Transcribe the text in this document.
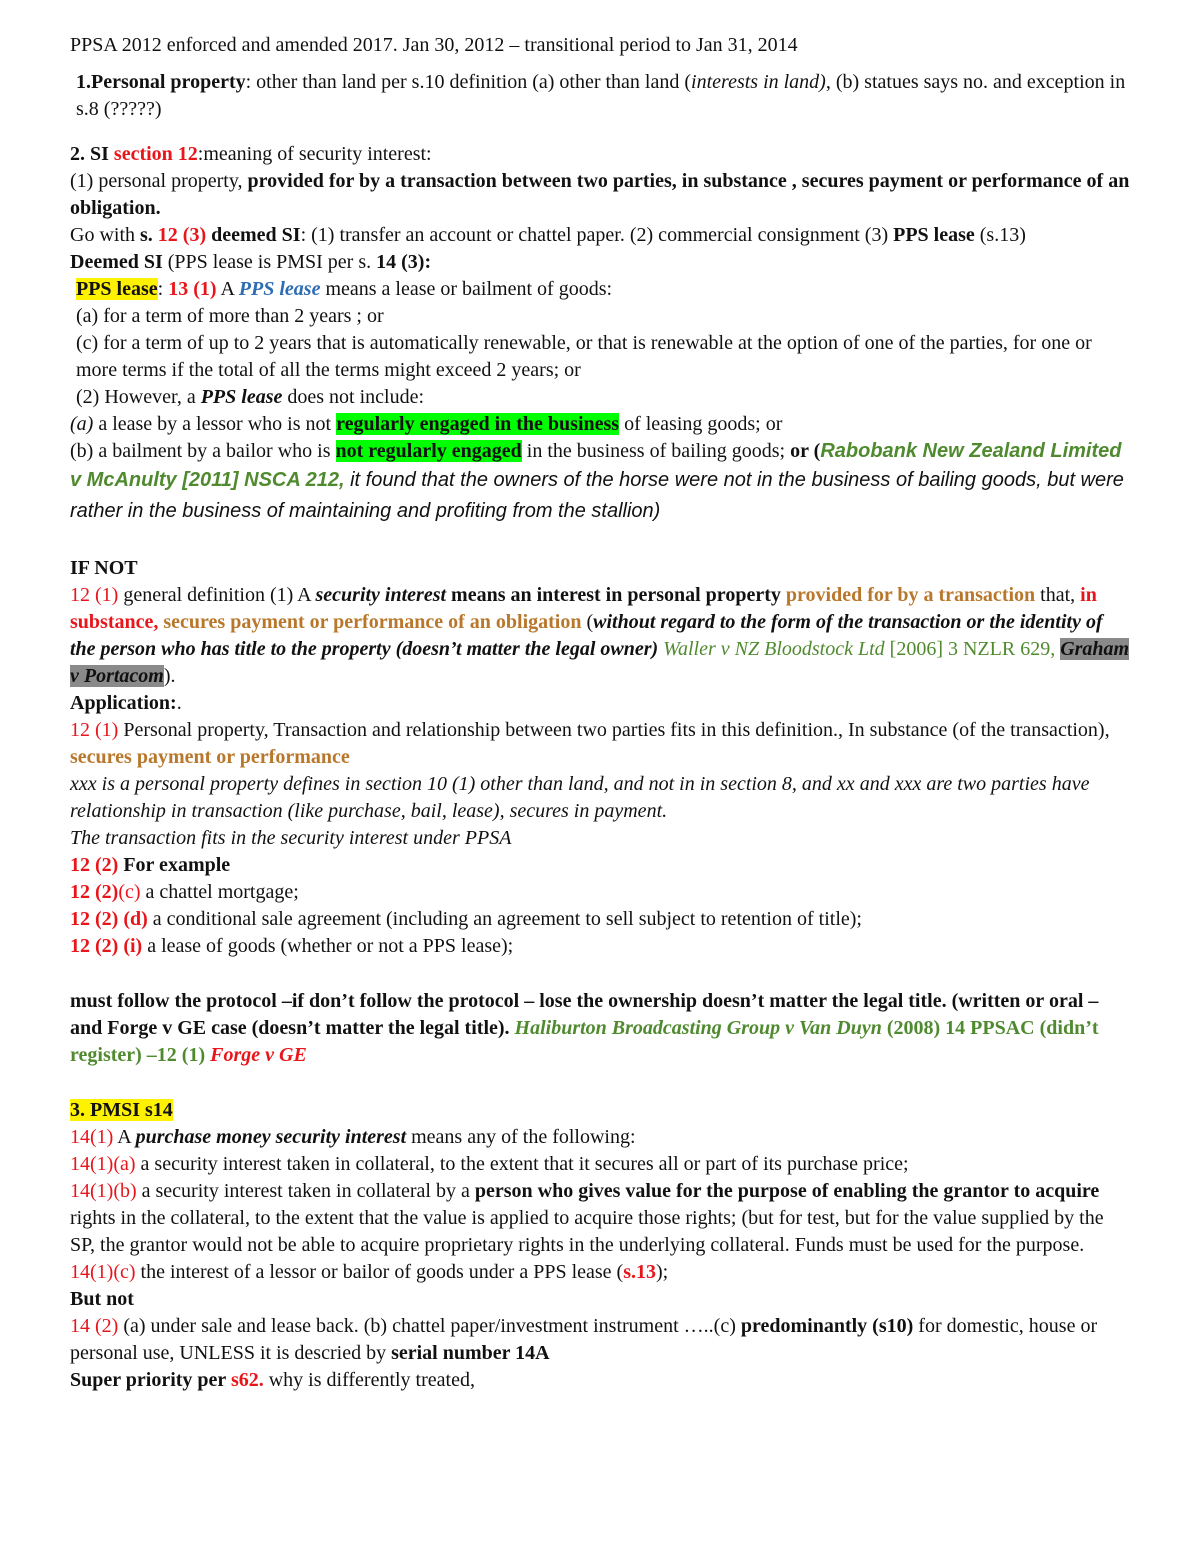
PPSA 2012 enforced and amended 2017. Jan 30, 2012 – transitional period to Jan 31, 2014

1.Personal property: other than land per s.10 definition (a) other than land (interests in land), (b) statues says no. and exception in s.8 (?????)

2. SI section 12:meaning of security interest:

(1) personal property, provided for by a transaction between two parties, in substance , secures payment or performance of an obligation.

Go with s. 12 (3) deemed SI: (1) transfer an account or chattel paper. (2) commercial consignment (3) PPS lease (s.13)

Deemed SI (PPS lease is PMSI per s. 14 (3):

PPS lease: 13 (1) A PPS lease means a lease or bailment of goods:

(a) for a term of more than 2 years ; or

(c) for a term of up to 2 years that is automatically renewable, or that is renewable at the option of one of the parties, for one or more terms if the total of all the terms might exceed 2 years; or

(2) However, a PPS lease does not include:

(a) a lease by a lessor who is not regularly engaged in the business of leasing goods; or

(b) a bailment by a bailor who is not regularly engaged in the business of bailing goods; or (Rabobank New Zealand Limited v McAnulty [2011] NSCA 212, it found that the owners of the horse were not in the business of bailing goods, but were rather in the business of maintaining and profiting from the stallion)

IF NOT

12 (1) general definition (1) A security interest means an interest in personal property provided for by a transaction that, in substance, secures payment or performance of an obligation (without regard to the form of the transaction or the identity of the person who has title to the property (doesn’t matter the legal owner) Waller v NZ Bloodstock Ltd [2006] 3 NZLR 629, Graham v Portacom).

Application:.

12 (1) Personal property, Transaction and relationship between two parties fits in this definition., In substance (of the transaction), secures payment or performance

xxx is a personal property defines in section 10 (1) other than land, and not in in section 8, and xx and xxx are two parties have relationship in transaction (like purchase, bail, lease), secures in payment.

The transaction fits in the security interest under PPSA

12 (2) For example

12 (2)(c) a chattel mortgage;

12 (2) (d) a conditional sale agreement (including an agreement to sell subject to retention of title);

12 (2) (i) a lease of goods (whether or not a PPS lease);

must follow the protocol –if don’t follow the protocol – lose the ownership doesn’t matter the legal title. (written or oral –and Forge v GE case (doesn’t matter the legal title). Haliburton Broadcasting Group v Van Duyn (2008) 14 PPSAC (didn’t register) –12 (1) Forge v GE

3. PMSI s14

14(1) A purchase money security interest means any of the following:

14(1)(a) a security interest taken in collateral, to the extent that it secures all or part of its purchase price;

14(1)(b) a security interest taken in collateral by a person who gives value for the purpose of enabling the grantor to acquire rights in the collateral, to the extent that the value is applied to acquire those rights; (but for test, but for the value supplied by the SP, the grantor would not be able to acquire proprietary rights in the underlying collateral. Funds must be used for the purpose.

14(1)(c) the interest of a lessor or bailor of goods under a PPS lease (s.13);

But not

14 (2) (a) under sale and lease back. (b) chattel paper/investment instrument …..(c) predominantly (s10) for domestic, house or personal use, UNLESS it is descried by serial number 14A

Super priority per s62. why is differently treated,
